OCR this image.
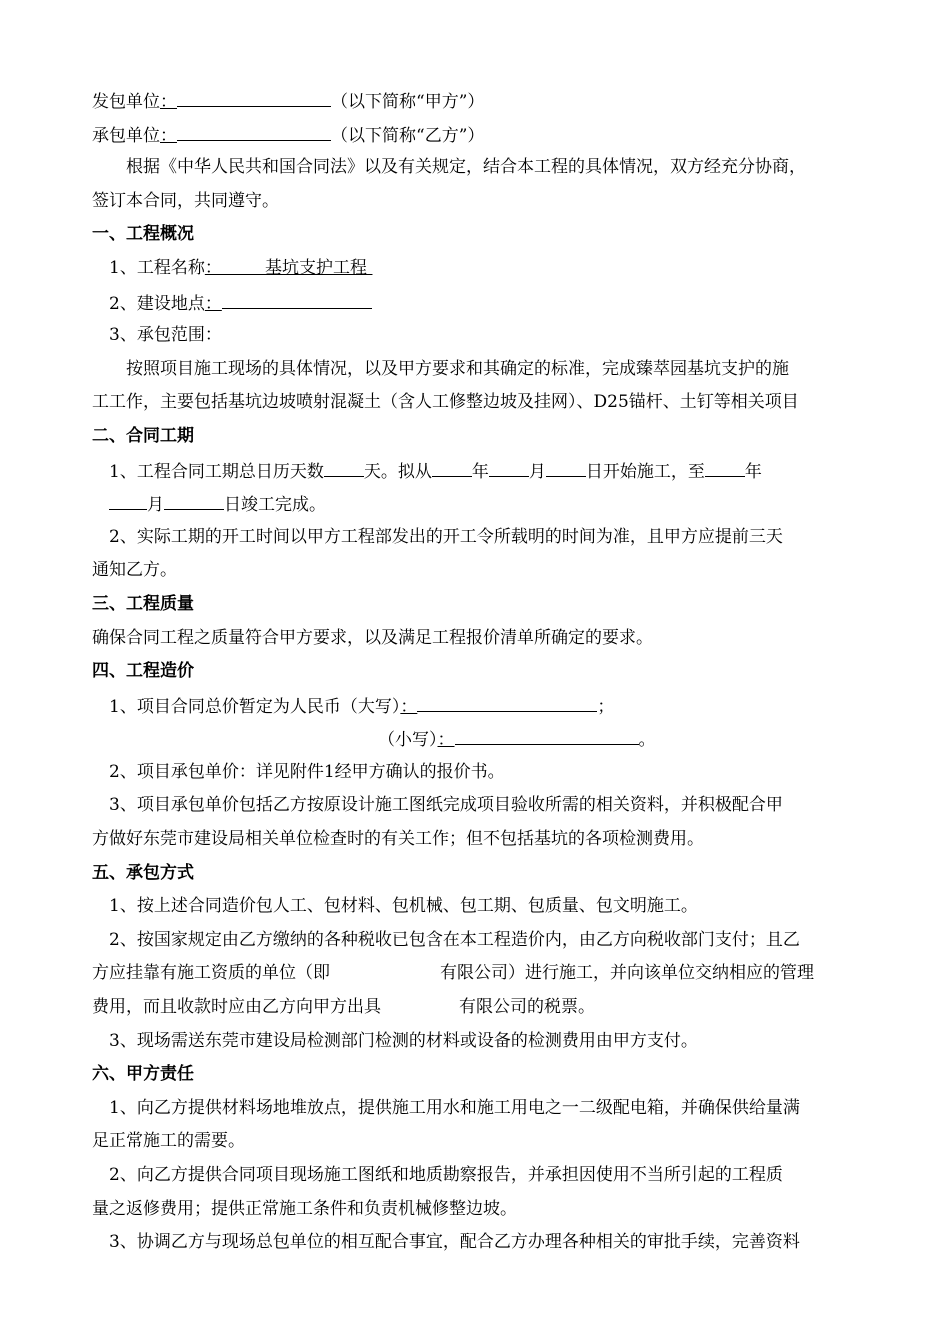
发包单位：	（以下简称“甲方”）
承包单位：	（以下简称“乙方”）
根据《中华人民共和国合同法》以及有关规定，结合本工程的具体情况，双方经充分协商，
签订本合同，共同遵守。
一、工程概况
1、工程名称：        基坑支护工程
2、建设地点：
3、承包范围：
按照项目施工现场的具体情况，以及甲方要求和其确定的标准，完成臻萃园基坑支护的施
工工作，主要包括基坑边坡喷射混凝土（含人工修整边坡及挂网）、D25锚杆、土钉等相关项目
二、合同工期
1、工程合同工期总日历天数 天。拟从 年 月 日开始施工，至 年
月	日竣工完成。
2、实际工期的开工时间以甲方工程部发出的开工令所载明的时间为准，且甲方应提前三天
通知乙方。
三、工程质量
确保合同工程之质量符合甲方要求，以及满足工程报价清单所确定的要求。
四、工程造价
1、项目合同总价暂定为人民币（大写）：	；
（小写）：	。
2、项目承包单价：详见附件1经甲方确认的报价书。
3、项目承包单价包括乙方按原设计施工图纸完成项目验收所需的相关资料，并积极配合甲
方做好东莞市建设局相关单位检查时的有关工作；但不包括基坑的各项检测费用。
五、承包方式
1、按上述合同造价包人工、包材料、包机械、包工期、包质量、包文明施工。
2、按国家规定由乙方缴纳的各种税收已包含在本工程造价内，由乙方向税收部门支付；且乙
方应挂靠有施工资质的单位（即	有限公司）进行施工，并向该单位交纳相应的管理
费用，而且收款时应由乙方向甲方出具	有限公司的税票。
3、现场需送东莞市建设局检测部门检测的材料或设备的检测费用由甲方支付。
六、甲方责任
1、向乙方提供材料场地堆放点，提供施工用水和施工用电之一二级配电箱，并确保供给量满
足正常施工的需要。
2、向乙方提供合同项目现场施工图纸和地质勘察报告，并承担因使用不当所引起的工程质
量之返修费用；提供正常施工条件和负责机械修整边坡。
3、协调乙方与现场总包单位的相互配合事宜，配合乙方办理各种相关的审批手续，完善资料
